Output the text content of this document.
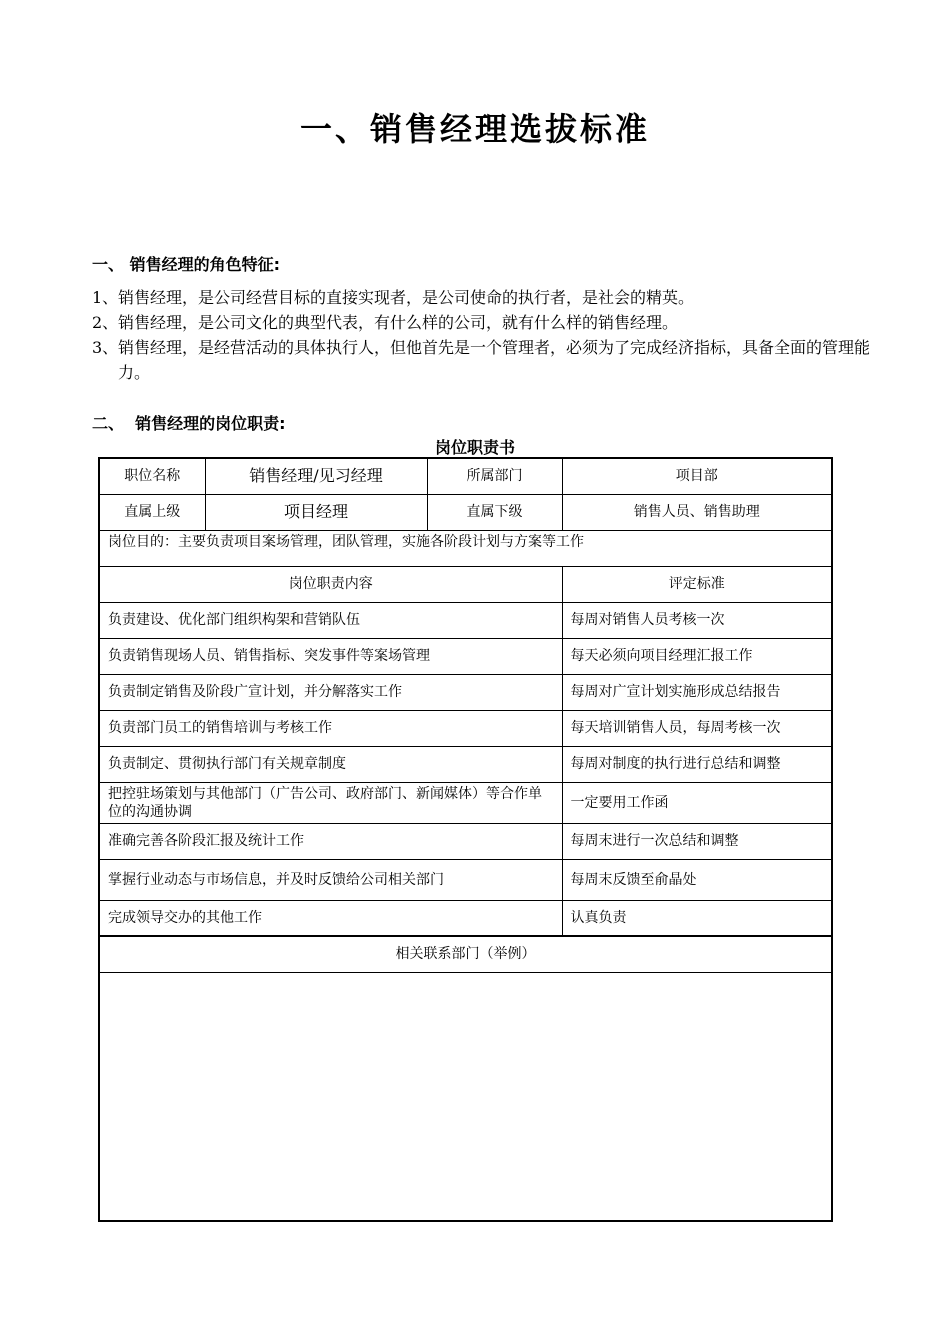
一、销售经理选拔标准
一、 销售经理的角色特征:
1、 销售经理，是公司经营目标的直接实现者，是公司使命的执行者，是社会的精英。
2、 销售经理，是公司文化的典型代表，有什么样的公司，就有什么样的销售经理。
3、 销售经理，是经营活动的具体执行人，但他首先是一个管理者，必须为了完成经济指标，具备全面的管理能力。
二、  销售经理的岗位职责:
岗位职责书
职位名称	销售经理/见习经理	所属部门	项目部
直属上级	项目经理	直属下级	销售人员、销售助理
岗位目的：主要负责项目案场管理，团队管理，实施各阶段计划与方案等工作			
岗位职责内容			评定标准
负责建设、优化部门组织构架和营销队伍			每周对销售人员考核一次
负责销售现场人员、销售指标、突发事件等案场管理			每天必须向项目经理汇报工作
负责制定销售及阶段广宣计划，并分解落实工作			每周对广宣计划实施形成总结报告
负责部门员工的销售培训与考核工作			每天培训销售人员，每周考核一次
负责制定、贯彻执行部门有关规章制度			每周对制度的执行进行总结和调整
把控驻场策划与其他部门（广告公司、政府部门、新闻媒体）等合作单位的沟通协调			一定要用工作函
准确完善各阶段汇报及统计工作			每周末进行一次总结和调整
掌握行业动态与市场信息，并及时反馈给公司相关部门			每周末反馈至俞晶处
完成领导交办的其他工作			认真负责
相关联系部门（举例）			
